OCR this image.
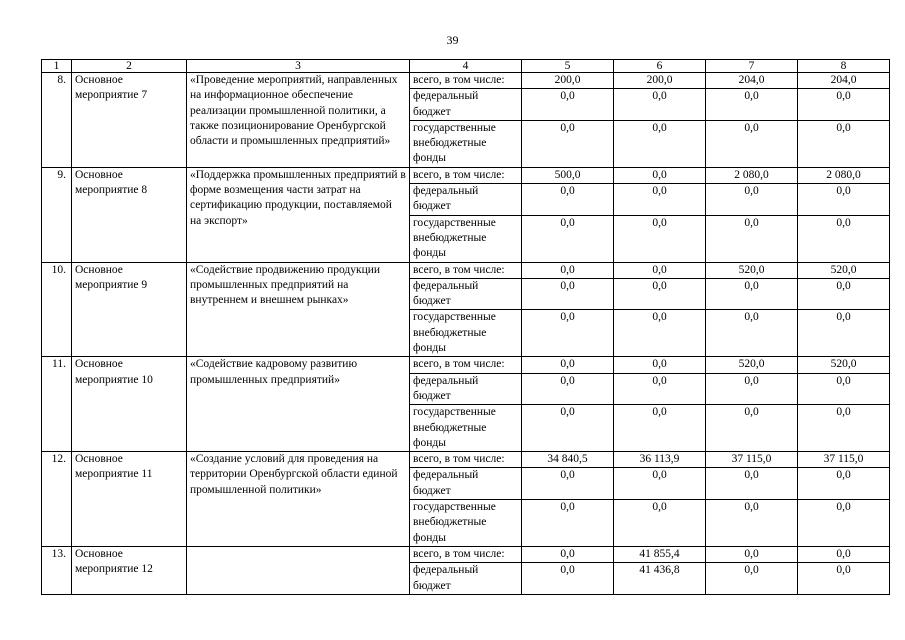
39
1	2	3	4	5	6	7	8
8.	Основное мероприятие 7	«Проведение мероприятий, направленных на информационное обеспечение реализации промышленной политики, а также позиционирование Оренбургской области и промышленных предприятий»	всего, в том числе:	200,0	200,0	204,0	204,0
			федеральный бюджет	0,0	0,0	0,0	0,0
			государственные внебюджетные фонды	0,0	0,0	0,0	0,0
9.	Основное мероприятие 8	«Поддержка промышленных предприятий в форме возмещения части затрат на сертификацию продукции, поставляемой на экспорт»	всего, в том числе:	500,0	0,0	2 080,0	2 080,0
			федеральный бюджет	0,0	0,0	0,0	0,0
			государственные внебюджетные фонды	0,0	0,0	0,0	0,0
10.	Основное мероприятие 9	«Содействие продвижению продукции промышленных предприятий на внутреннем и внешнем рынках»	всего, в том числе:	0,0	0,0	520,0	520,0
			федеральный бюджет	0,0	0,0	0,0	0,0
			государственные внебюджетные фонды	0,0	0,0	0,0	0,0
11.	Основное мероприятие 10	«Содействие кадровому развитию промышленных предприятий»	всего, в том числе:	0,0	0,0	520,0	520,0
			федеральный бюджет	0,0	0,0	0,0	0,0
			государственные внебюджетные фонды	0,0	0,0	0,0	0,0
12.	Основное мероприятие 11	«Создание условий для проведения на территории Оренбургской области единой промышленной политики»	всего, в том числе:	34 840,5	36 113,9	37 115,0	37 115,0
			федеральный бюджет	0,0	0,0	0,0	0,0
			государственные внебюджетные фонды	0,0	0,0	0,0	0,0
13.	Основное мероприятие 12		всего, в том числе:	0,0	41 855,4	0,0	0,0
			федеральный бюджет	0,0	41 436,8	0,0	0,0
